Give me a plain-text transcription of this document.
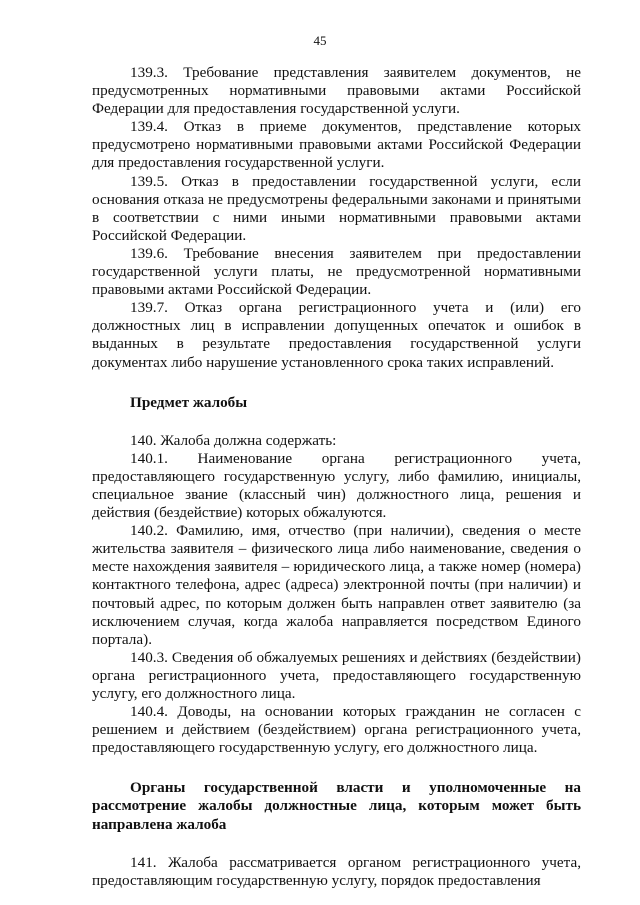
45

139.3. Требование представления заявителем документов, не предусмотренных нормативными правовыми актами Российской Федерации для предоставления государственной услуги.

139.4. Отказ в приеме документов, представление которых предусмотрено нормативными правовыми актами Российской Федерации для предоставления государственной услуги.

139.5. Отказ в предоставлении государственной услуги, если основания отказа не предусмотрены федеральными законами и принятыми в соответствии с ними иными нормативными правовыми актами Российской Федерации.

139.6. Требование внесения заявителем при предоставлении государственной услуги платы, не предусмотренной нормативными правовыми актами Российской Федерации.

139.7. Отказ органа регистрационного учета и (или) его должностных лиц в исправлении допущенных опечаток и ошибок в выданных в результате предоставления государственной услуги документах либо нарушение установленного срока таких исправлений.

Предмет жалобы

140. Жалоба должна содержать:

140.1. Наименование органа регистрационного учета, предоставляющего государственную услугу, либо фамилию, инициалы, специальное звание (классный чин) должностного лица, решения и действия (бездействие) которых обжалуются.

140.2. Фамилию, имя, отчество (при наличии), сведения о месте жительства заявителя – физического лица либо наименование, сведения о месте нахождения заявителя – юридического лица, а также номер (номера) контактного телефона, адрес (адреса) электронной почты (при наличии) и почтовый адрес, по которым должен быть направлен ответ заявителю (за исключением случая, когда жалоба направляется посредством Единого портала).

140.3. Сведения об обжалуемых решениях и действиях (бездействии) органа регистрационного учета, предоставляющего государственную услугу, его должностного лица.

140.4. Доводы, на основании которых гражданин не согласен с решением и действием (бездействием) органа регистрационного учета, предоставляющего государственную услугу, его должностного лица.

Органы государственной власти и уполномоченные на рассмотрение жалобы должностные лица, которым может быть направлена жалоба

141. Жалоба рассматривается органом регистрационного учета, предоставляющим государственную услугу, порядок предоставления
